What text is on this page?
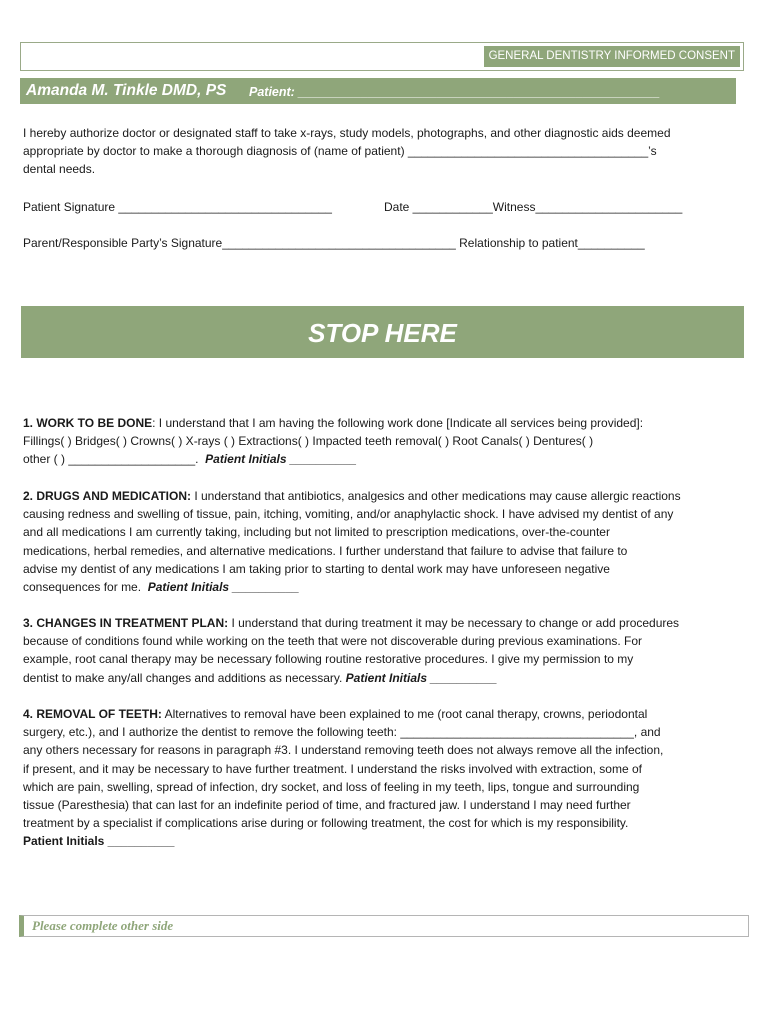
GENERAL DENTISTRY INFORMED CONSENT
Amanda M. Tinkle DMD, PS Patient: ____________________________________________________
I hereby authorize doctor or designated staff to take x-rays, study models, photographs, and other diagnostic aids deemed
appropriate by doctor to make a thorough diagnosis of (name of patient) ____________________________________’s
dental needs.
Patient Signature ________________________________	Date ____________Witness______________________
Parent/Responsible Party’s Signature___________________________________ Relationship to patient__________
STOP HERE
1. WORK TO BE DONE: I understand that I am having the following work done [Indicate all services being provided]:
Fillings( ) Bridges( ) Crowns( ) X-rays ( ) Extractions( ) Impacted teeth removal( ) Root Canals( ) Dentures( )
other ( ) ___________________. Patient Initials __________
2. DRUGS AND MEDICATION: I understand that antibiotics, analgesics and other medications may cause allergic reactions
causing redness and swelling of tissue, pain, itching, vomiting, and/or anaphylactic shock. I have advised my dentist of any
and all medications I am currently taking, including but not limited to prescription medications, over-the-counter
medications, herbal remedies, and alternative medications. I further understand that failure to advise that failure to
advise my dentist of any medications I am taking prior to starting to dental work may have unforeseen negative
consequences for me. Patient Initials __________
3. CHANGES IN TREATMENT PLAN: I understand that during treatment it may be necessary to change or add procedures
because of conditions found while working on the teeth that were not discoverable during previous examinations. For
example, root canal therapy may be necessary following routine restorative procedures. I give my permission to my
dentist to make any/all changes and additions as necessary. Patient Initials __________
4. REMOVAL OF TEETH: Alternatives to removal have been explained to me (root canal therapy, crowns, periodontal
surgery, etc.), and I authorize the dentist to remove the following teeth: ___________________________________, and
any others necessary for reasons in paragraph #3. I understand removing teeth does not always remove all the infection,
if present, and it may be necessary to have further treatment. I understand the risks involved with extraction, some of
which are pain, swelling, spread of infection, dry socket, and loss of feeling in my teeth, lips, tongue and surrounding
tissue (Paresthesia) that can last for an indefinite period of time, and fractured jaw. I understand I may need further
treatment by a specialist if complications arise during or following treatment, the cost for which is my responsibility.
Patient Initials __________
Please complete other side
